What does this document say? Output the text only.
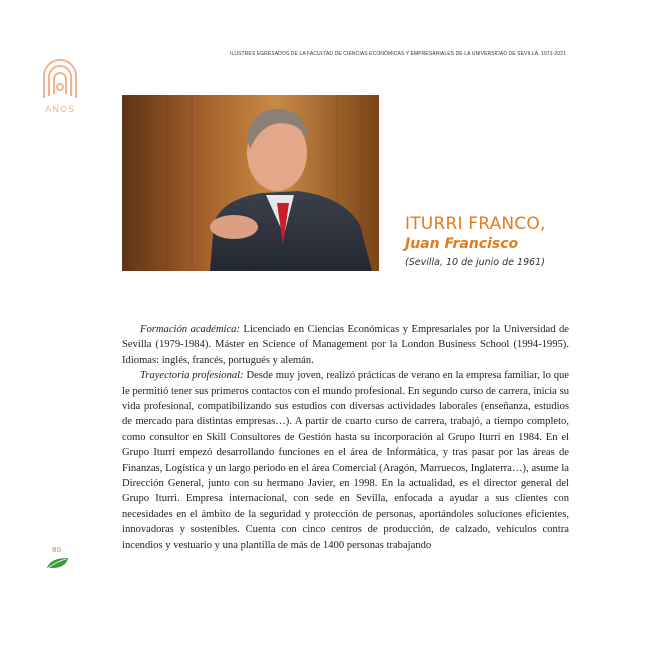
ILUSTRES EGRESADOS DE LA FACULTAD DE CIENCIAS ECONÓMICAS Y EMPRESARIALES DE LA UNIVERSIDAD DE SEVILLA. 1971-2021
AÑOS
ITURRI FRANCO,
Juan Francisco
(Sevilla, 10 de junio de 1961)

Formación académica: Licenciado en Ciencias Económicas y Empresariales por la Universidad de Sevilla (1979-1984). Máster en Science of Management por la London Business School (1994-1995). Idiomas: inglés, francés, portugués y alemán.

Trayectoria profesional: Desde muy joven, realizó prácticas de verano en la empresa familiar, lo que le permitió tener sus primeros contactos con el mundo profesional. En segundo curso de carrera, inicia su vida profesional, compatibilizando sus estudios con diversas actividades laborales (enseñanza, estudios de mercado para distintas empresas…). A partir de cuarto curso de carrera, trabajó, a tiempo completo, como consultor en Skill Consultores de Gestión hasta su incorporación al Grupo Iturri en 1984. En el Grupo Iturri empezó desarrollando funciones en el área de Informática, y tras pasar por las áreas de Finanzas, Logística y un largo periodo en el área Comercial (Aragón, Marruecos, Inglaterra…), asume la Dirección General, junto con su hermano Javier, en 1998. En la actualidad, es el director general del Grupo Iturri. Empresa internacional, con sede en Sevilla, enfocada a ayudar a sus clientes con necesidades en el ámbito de la seguridad y protección de personas, aportándoles soluciones eficientes, innovadoras y sostenibles. Cuenta con cinco centros de producción, de calzado, vehículos contra incendios y vestuario y una plantilla de más de 1400 personas trabajando

80
